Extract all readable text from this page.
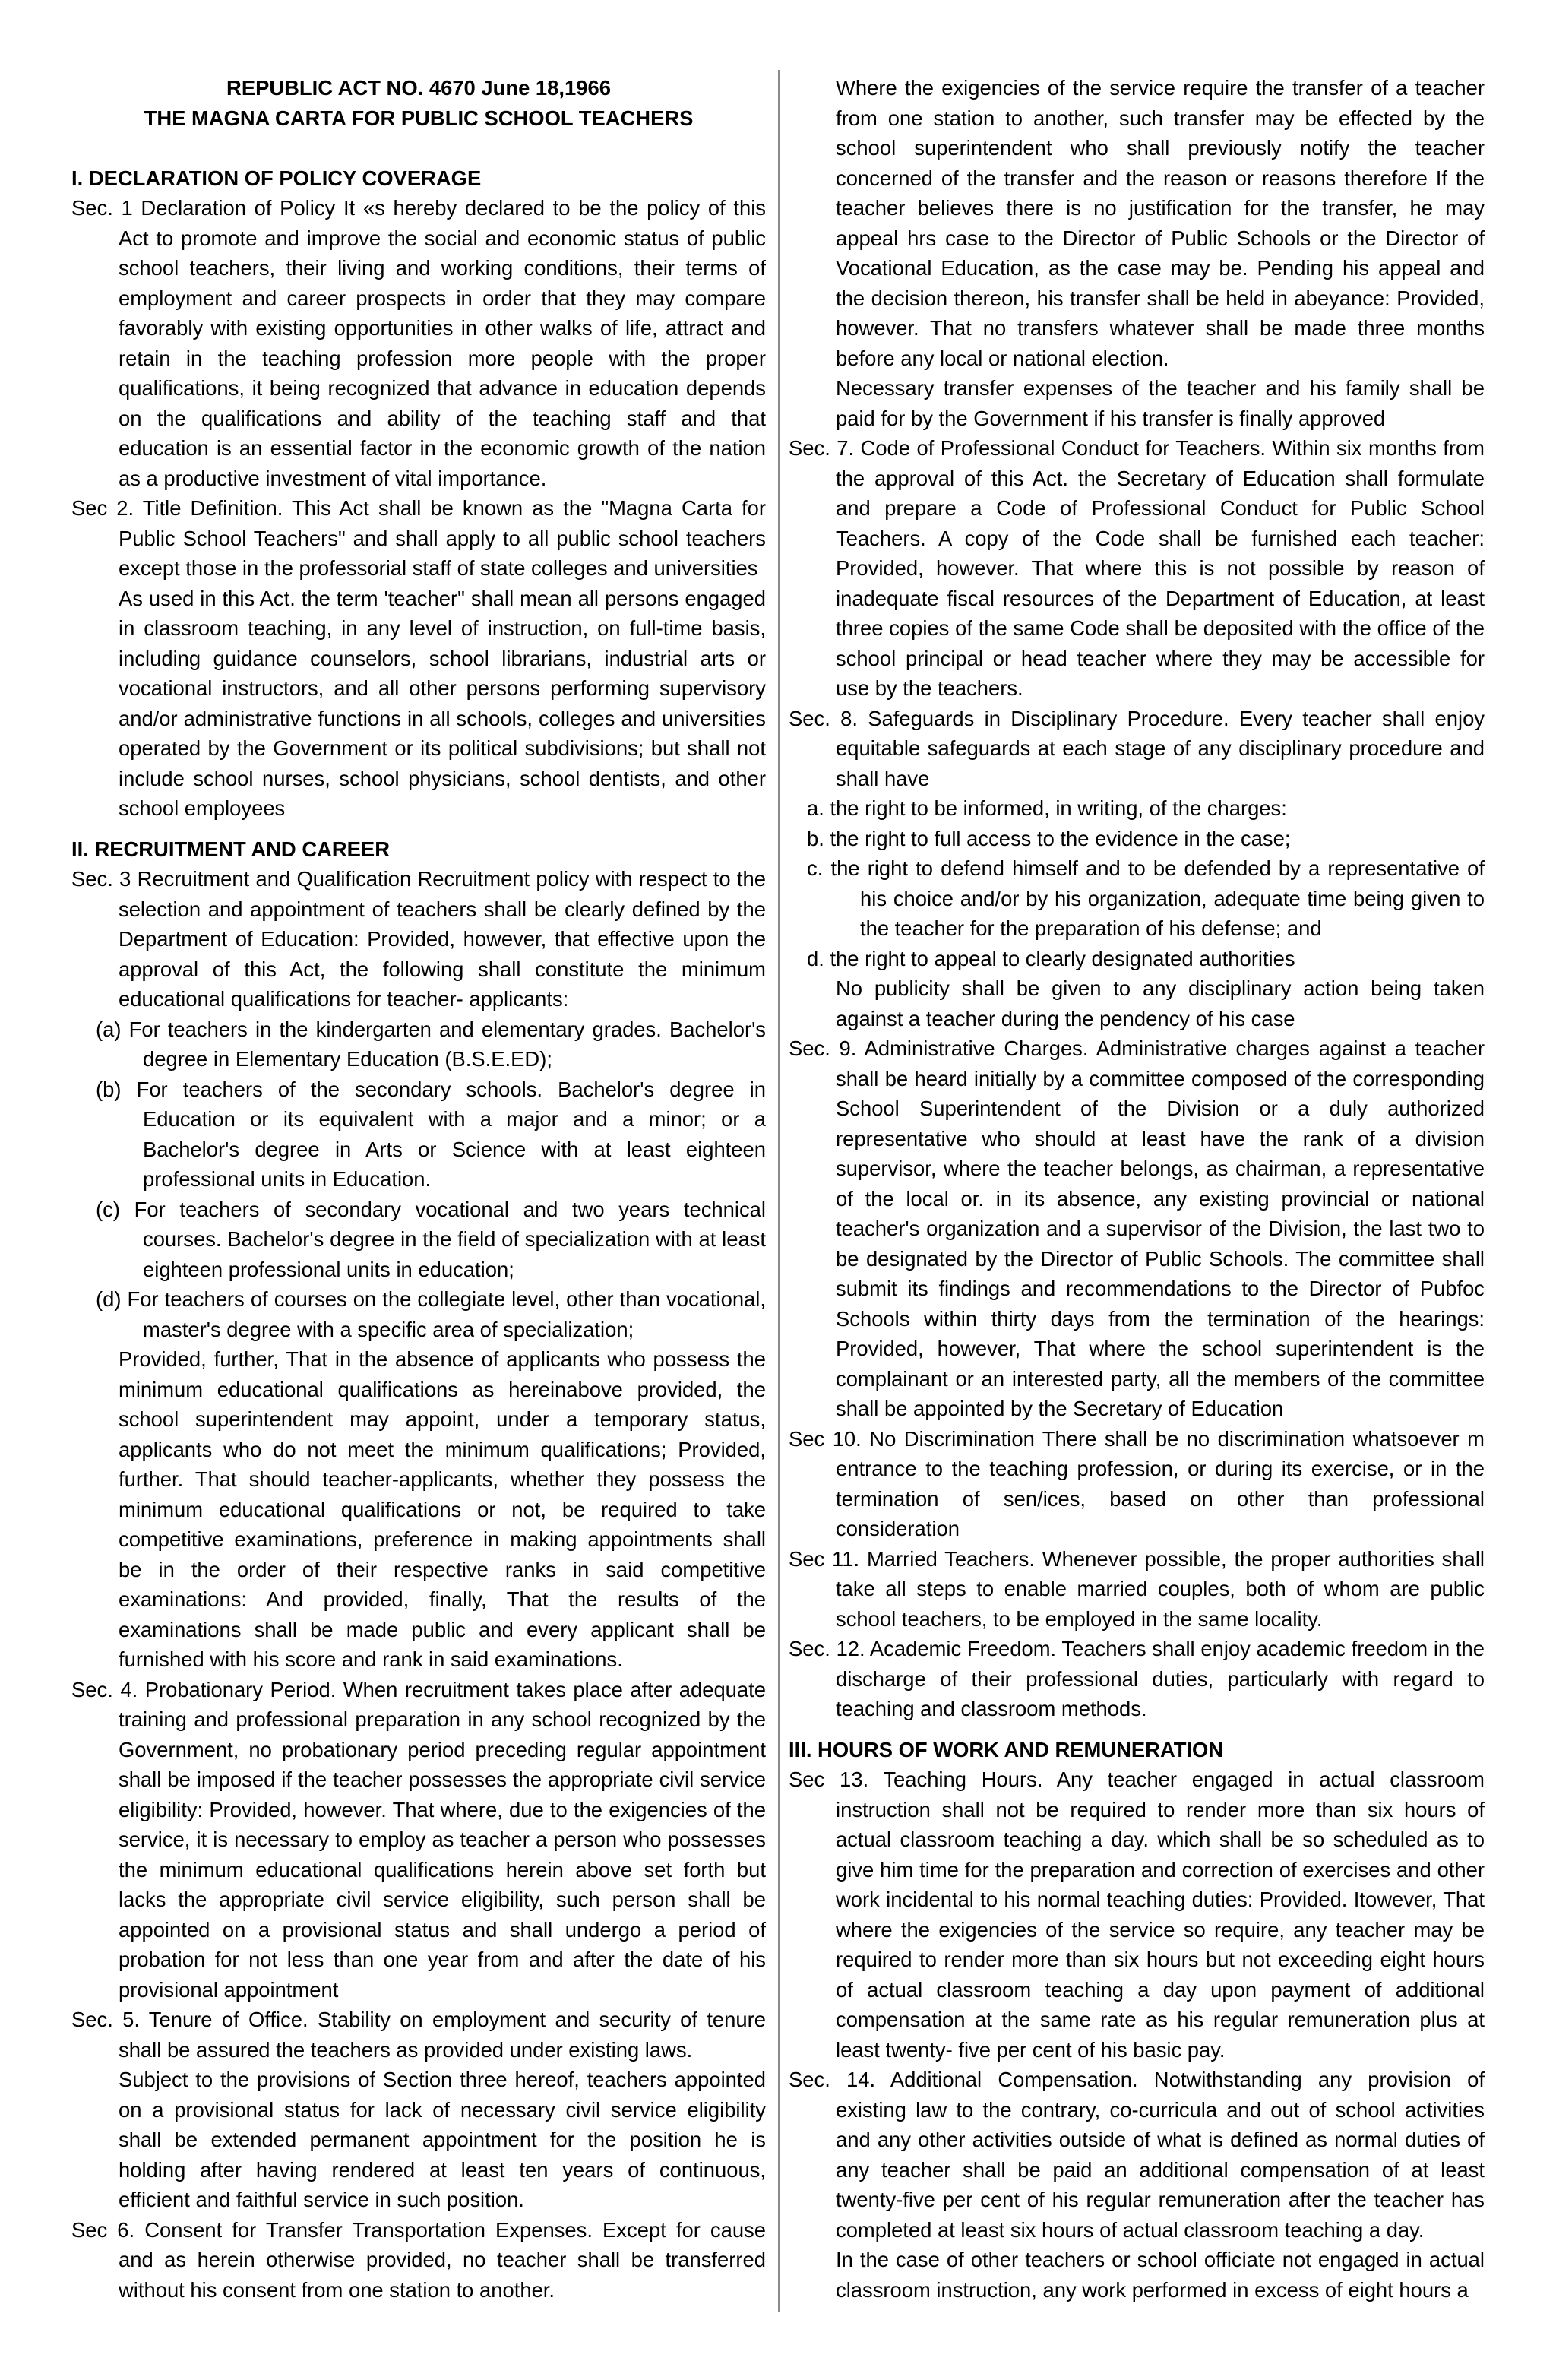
REPUBLIC ACT NO. 4670 June 18,1966

THE MAGNA CARTA FOR PUBLIC SCHOOL TEACHERS

I. DECLARATION OF POLICY COVERAGE

Sec. 1 Declaration of Policy It «s hereby declared to be the policy of this Act to promote and improve the social and economic status of public school teachers, their living and working conditions, their terms of employment and career prospects in order that they may compare favorably with existing opportunities in other walks of life, attract and retain in the teaching profession more people with the proper qualifications, it being recognized that advance in education depends on the qualifications and ability of the teaching staff and that education is an essential factor in the economic growth of the nation as a productive investment of vital importance.

Sec 2. Title Definition. This Act shall be known as the "Magna Carta for Public School Teachers" and shall apply to all public school teachers except those in the professorial staff of state colleges and universities

As used in this Act. the term 'teacher" shall mean all persons engaged in classroom teaching, in any level of instruction, on full-time basis, including guidance counselors, school librarians, industrial arts or vocational instructors, and all other persons performing supervisory and/or administrative functions in all schools, colleges and universities operated by the Government or its political subdivisions; but shall not include school nurses, school physicians, school dentists, and other school employees

II. RECRUITMENT AND CAREER

Sec. 3 Recruitment and Qualification Recruitment policy with respect to the selection and appointment of teachers shall be clearly defined by the Department of Education: Provided, however, that effective upon the approval of this Act, the following shall constitute the minimum educational qualifications for teacher- applicants:

(a) For teachers in the kindergarten and elementary grades. Bachelor's degree in Elementary Education (B.S.E.ED);

(b) For teachers of the secondary schools. Bachelor's degree in Education or its equivalent with a major and a minor; or a Bachelor's degree in Arts or Science with at least eighteen professional units in Education.

(c) For teachers of secondary vocational and two years technical courses. Bachelor's degree in the field of specialization with at least eighteen professional units in education;

(d) For teachers of courses on the collegiate level, other than vocational, master's degree with a specific area of specialization;

Provided, further, That in the absence of applicants who possess the minimum educational qualifications as hereinabove provided, the school superintendent may appoint, under a temporary status, applicants who do not meet the minimum qualifications; Provided, further. That should teacher-applicants, whether they possess the minimum educational qualifications or not, be required to take competitive examinations, preference in making appointments shall be in the order of their respective ranks in said competitive examinations: And provided, finally, That the results of the examinations shall be made public and every applicant shall be furnished with his score and rank in said examinations.

Sec. 4. Probationary Period. When recruitment takes place after adequate training and professional preparation in any school recognized by the Government, no probationary period preceding regular appointment shall be imposed if the teacher possesses the appropriate civil service eligibility: Provided, however. That where, due to the exigencies of the service, it is necessary to employ as teacher a person who possesses the minimum educational qualifications herein above set forth but lacks the appropriate civil service eligibility, such person shall be appointed on a provisional status and shall undergo a period of probation for not less than one year from and after the date of his provisional appointment

Sec. 5. Tenure of Office. Stability on employment and security of tenure shall be assured the teachers as provided under existing laws.

Subject to the provisions of Section three hereof, teachers appointed on a provisional status for lack of necessary civil service eligibility shall be extended permanent appointment for the position he is holding after having rendered at least ten years of continuous, efficient and faithful service in such position.

Sec 6. Consent for Transfer Transportation Expenses. Except for cause and as herein otherwise provided, no teacher shall be transferred without his consent from one station to another.

Where the exigencies of the service require the transfer of a teacher from one station to another, such transfer may be effected by the school superintendent who shall previously notify the teacher concerned of the transfer and the reason or reasons therefore If the teacher believes there is no justification for the transfer, he may appeal hrs case to the Director of Public Schools or the Director of Vocational Education, as the case may be. Pending his appeal and the decision thereon, his transfer shall be held in abeyance: Provided, however. That no transfers whatever shall be made three months before any local or national election.

Necessary transfer expenses of the teacher and his family shall be paid for by the Government if his transfer is finally approved

Sec. 7. Code of Professional Conduct for Teachers. Within six months from the approval of this Act. the Secretary of Education shall formulate and prepare a Code of Professional Conduct for Public School Teachers. A copy of the Code shall be furnished each teacher: Provided, however. That where this is not possible by reason of inadequate fiscal resources of the Department of Education, at least three copies of the same Code shall be deposited with the office of the school principal or head teacher where they may be accessible for use by the teachers.

Sec. 8. Safeguards in Disciplinary Procedure. Every teacher shall enjoy equitable safeguards at each stage of any disciplinary procedure and shall have

a. the right to be informed, in writing, of the charges:

b. the right to full access to the evidence in the case;

c. the right to defend himself and to be defended by a representative of his choice and/or by his organization, adequate time being given to the teacher for the preparation of his defense; and

d. the right to appeal to clearly designated authorities

No publicity shall be given to any disciplinary action being taken against a teacher during the pendency of his case

Sec. 9. Administrative Charges. Administrative charges against a teacher shall be heard initially by a committee composed of the corresponding School Superintendent of the Division or a duly authorized representative who should at least have the rank of a division supervisor, where the teacher belongs, as chairman, a representative of the local or. in its absence, any existing provincial or national teacher's organization and a supervisor of the Division, the last two to be designated by the Director of Public Schools. The committee shall submit its findings and recommendations to the Director of Pubfoc Schools within thirty days from the termination of the hearings: Provided, however, That where the school superintendent is the complainant or an interested party, all the members of the committee shall be appointed by the Secretary of Education

Sec 10. No Discrimination There shall be no discrimination whatsoever m entrance to the teaching profession, or during its exercise, or in the termination of sen/ices, based on other than professional consideration

Sec 11. Married Teachers. Whenever possible, the proper authorities shall take all steps to enable married couples, both of whom are public school teachers, to be employed in the same locality.

Sec. 12. Academic Freedom. Teachers shall enjoy academic freedom in the discharge of their professional duties, particularly with regard to teaching and classroom methods.

III. HOURS OF WORK AND REMUNERATION

Sec 13. Teaching Hours. Any teacher engaged in actual classroom instruction shall not be required to render more than six hours of actual classroom teaching a day. which shall be so scheduled as to give him time for the preparation and correction of exercises and other work incidental to his normal teaching duties: Provided. Itowever, That where the exigencies of the service so require, any teacher may be required to render more than six hours but not exceeding eight hours of actual classroom teaching a day upon payment of additional compensation at the same rate as his regular remuneration plus at least twenty- five per cent of his basic pay.

Sec. 14. Additional Compensation. Notwithstanding any provision of existing law to the contrary, co-curricula and out of school activities and any other activities outside of what is defined as normal duties of any teacher shall be paid an additional compensation of at least twenty-five per cent of his regular remuneration after the teacher has completed at least six hours of actual classroom teaching a day.

In the case of other teachers or school officiate not engaged in actual classroom instruction, any work performed in excess of eight hours a
